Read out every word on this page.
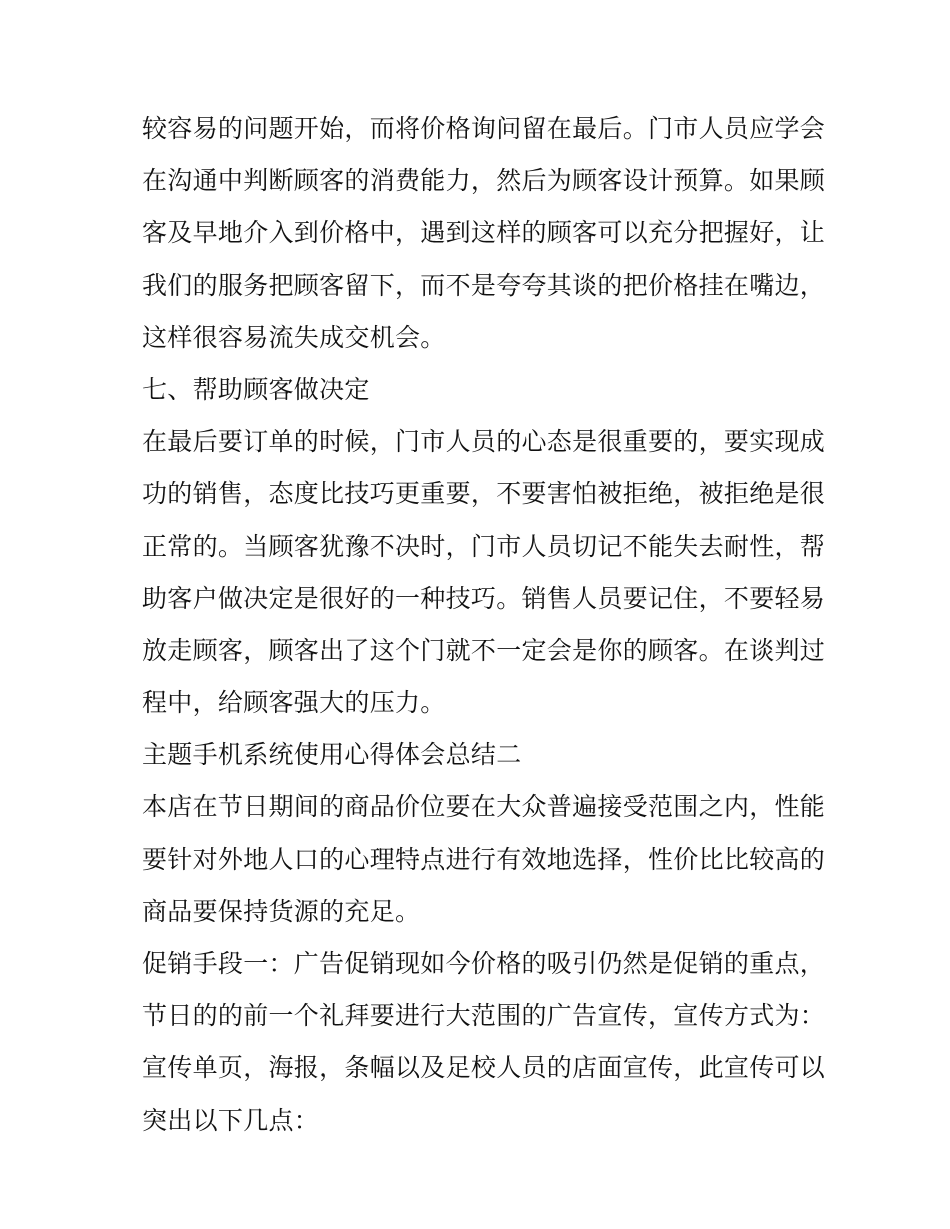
较容易的问题开始，而将价格询问留在最后。门市人员应学会
在沟通中判断顾客的消费能力，然后为顾客设计预算。如果顾
客及早地介入到价格中，遇到这样的顾客可以充分把握好，让
我们的服务把顾客留下，而不是夸夸其谈的把价格挂在嘴边，
这样很容易流失成交机会。
七、帮助顾客做决定
在最后要订单的时候，门市人员的心态是很重要的，要实现成
功的销售，态度比技巧更重要，不要害怕被拒绝，被拒绝是很
正常的。当顾客犹豫不决时，门市人员切记不能失去耐性，帮
助客户做决定是很好的一种技巧。销售人员要记住，不要轻易
放走顾客，顾客出了这个门就不一定会是你的顾客。在谈判过
程中，给顾客强大的压力。
主题手机系统使用心得体会总结二
本店在节日期间的商品价位要在大众普遍接受范围之内，性能
要针对外地人口的心理特点进行有效地选择，性价比比较高的
商品要保持货源的充足。
促销手段一：广告促销现如今价格的吸引仍然是促销的重点，
节日的的前一个礼拜要进行大范围的广告宣传，宣传方式为：
宣传单页，海报，条幅以及足校人员的店面宣传，此宣传可以
突出以下几点：
